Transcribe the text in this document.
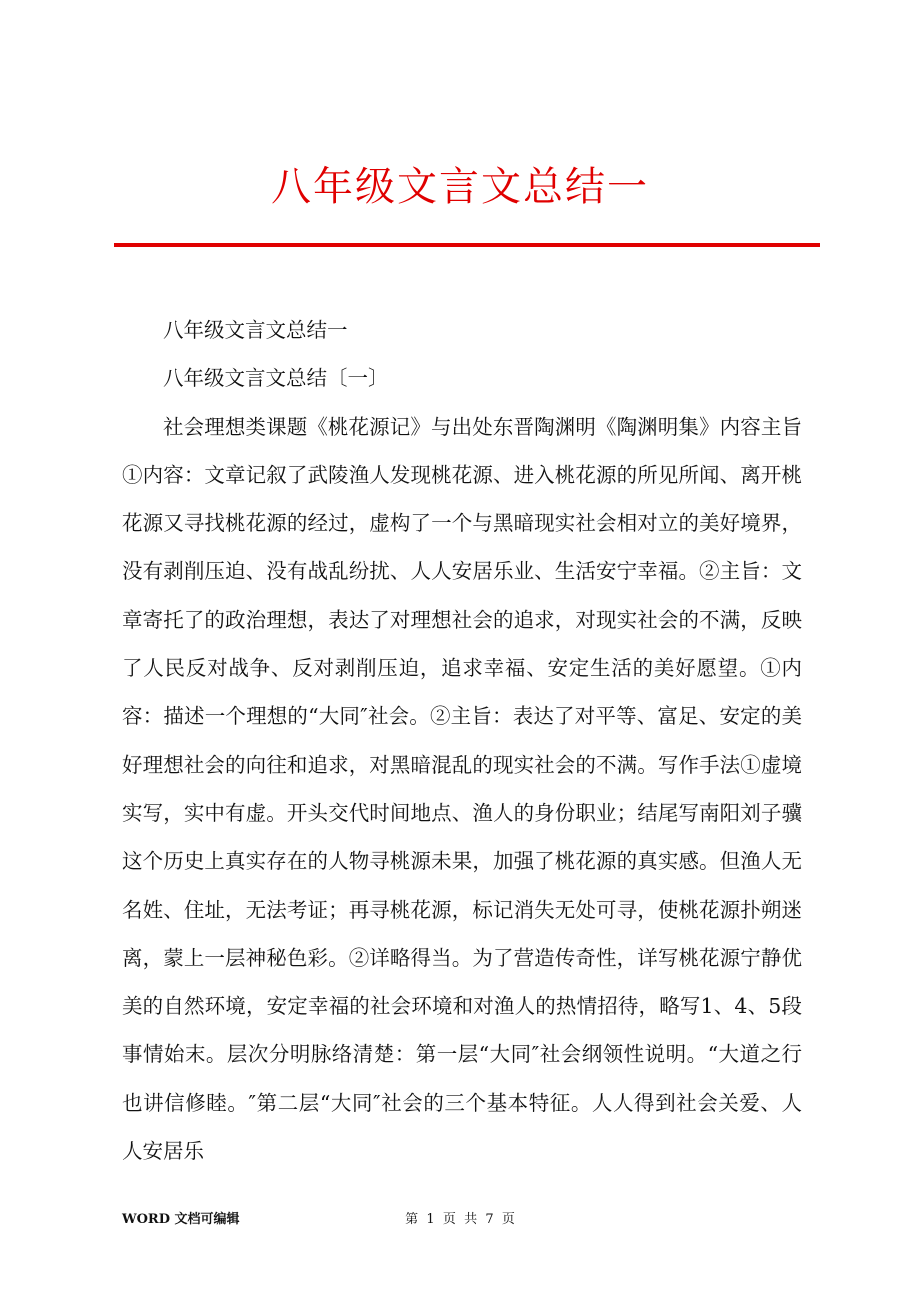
八年级文言文总结一

八年级文言文总结一

八年级文言文总结〔一〕

社会理想类课题《桃花源记》与出处东晋陶渊明《陶渊明集》内容主旨①内容：文章记叙了武陵渔人发现桃花源、进入桃花源的所见所闻、离开桃花源又寻找桃花源的经过，虚构了一个与黑暗现实社会相对立的美好境界，没有剥削压迫、没有战乱纷扰、人人安居乐业、生活安宁幸福。②主旨：文章寄托了的政治理想，表达了对理想社会的追求，对现实社会的不满，反映了人民反对战争、反对剥削压迫，追求幸福、安定生活的美好愿望。①内容：描述一个理想的“大同″社会。②主旨：表达了对平等、富足、安定的美好理想社会的向往和追求，对黑暗混乱的现实社会的不满。写作手法①虚境实写，实中有虚。开头交代时间地点、渔人的身份职业；结尾写南阳刘子骥这个历史上真实存在的人物寻桃源未果，加强了桃花源的真实感。但渔人无名姓、住址，无法考证；再寻桃花源，标记消失无处可寻，使桃花源扑朔迷离，蒙上一层神秘色彩。②详略得当。为了营造传奇性，详写桃花源宁静优美的自然环境，安定幸福的社会环境和对渔人的热情招待，略写1、4、5段事情始末。层次分明脉络清楚：第一层“大同″社会纲领性说明。“大道之行也讲信修睦。″第二层“大同″社会的三个基本特征。人人得到社会关爱、人人安居乐

WORD 文档可编辑	第  1  页  共  7  页
